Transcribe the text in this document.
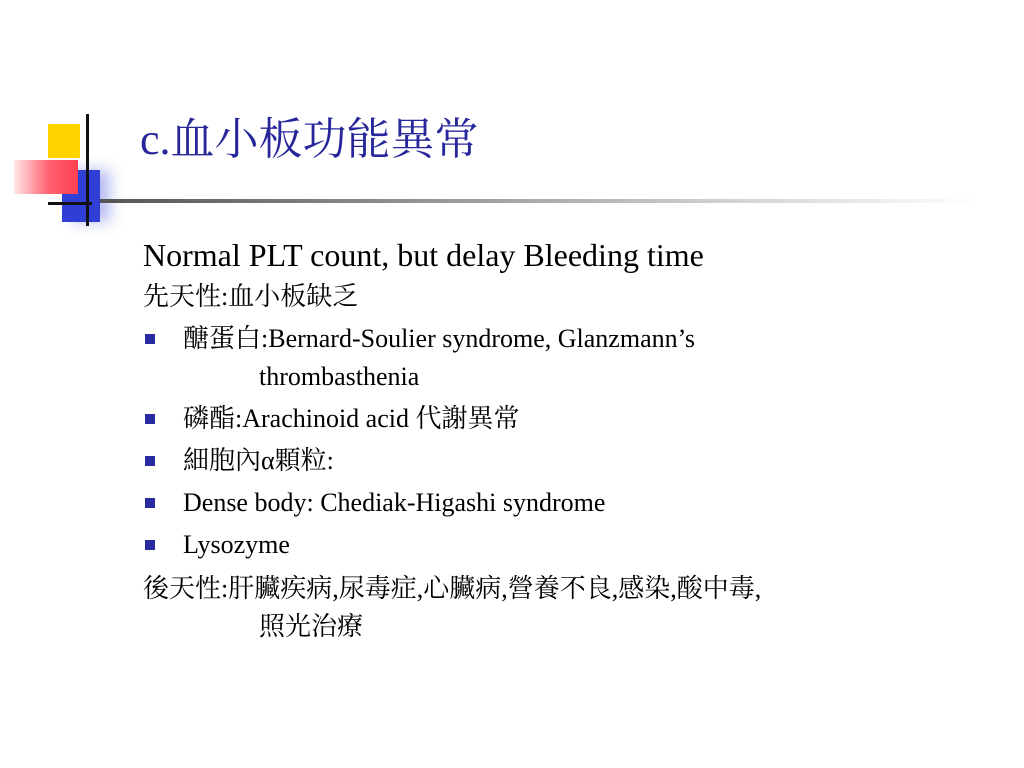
c.血小板功能異常
Normal PLT count, but delay Bleeding time
先天性:血小板缺乏
醣蛋白:Bernard-Soulier syndrome, Glanzmann’s
thrombasthenia
磷酯:Arachinoid acid 代謝異常
細胞內α顆粒:
Dense body: Chediak-Higashi syndrome
Lysozyme
後天性:肝臟疾病,尿毒症,心臟病,營養不良,感染,酸中毒,
照光治療
